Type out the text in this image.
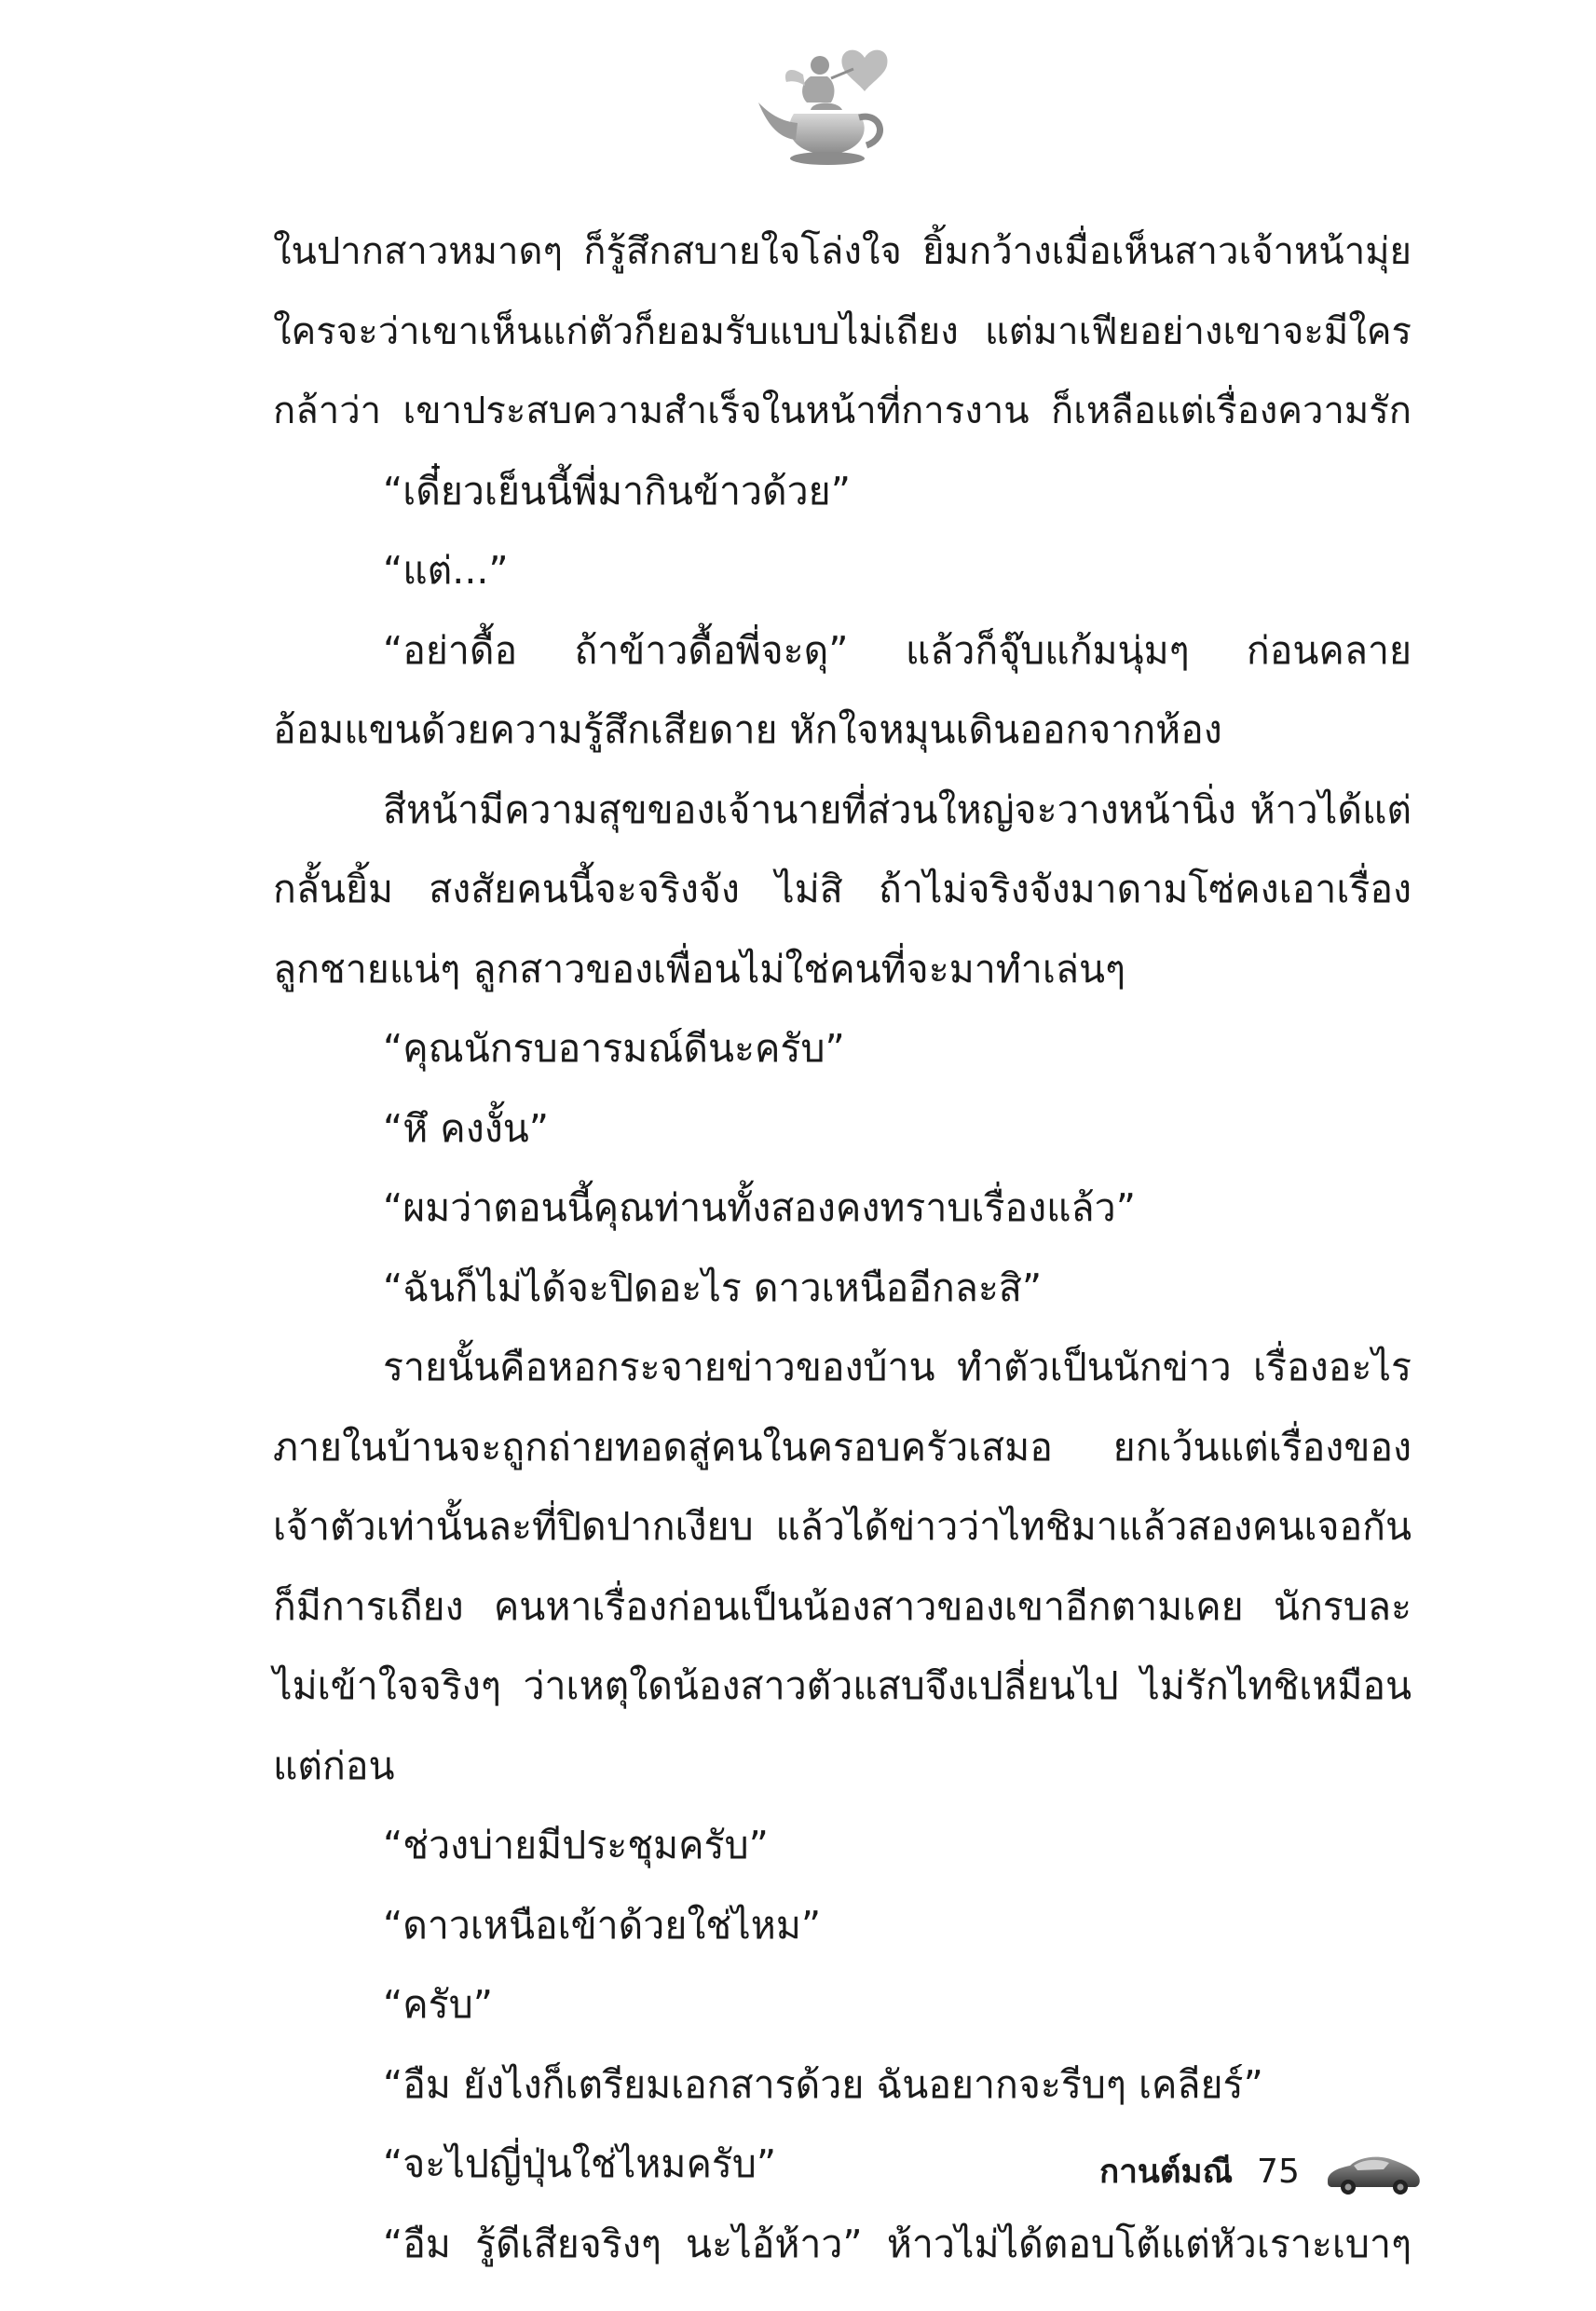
ในปากสาวหมาดๆ ก็รู้สึกสบายใจโล่งใจ ยิ้มกว้างเมื่อเห็นสาวเจ้าหน้ามุ่ย
ใครจะว่าเขาเห็นแก่ตัวก็ยอมรับแบบไม่เถียง แต่มาเฟียอย่างเขาจะมีใคร
กล้าว่า เขาประสบความสำเร็จในหน้าที่การงาน ก็เหลือแต่เรื่องความรัก
“เดี๋ยวเย็นนี้พี่มากินข้าวด้วย”
“แต่...”
“อย่าดื้อ ถ้าข้าวดื้อพี่จะดุ” แล้วก็จุ๊บแก้มนุ่มๆ ก่อนคลาย
อ้อมแขนด้วยความรู้สึกเสียดาย หักใจหมุนเดินออกจากห้อง
สีหน้ามีความสุขของเจ้านายที่ส่วนใหญ่จะวางหน้านิ่ง ห้าวได้แต่
กลั้นยิ้ม สงสัยคนนี้จะจริงจัง ไม่สิ ถ้าไม่จริงจังมาดามโซ่คงเอาเรื่อง
ลูกชายแน่ๆ ลูกสาวของเพื่อนไม่ใช่คนที่จะมาทำเล่นๆ
“คุณนักรบอารมณ์ดีนะครับ”
“หึ คงงั้น”
“ผมว่าตอนนี้คุณท่านทั้งสองคงทราบเรื่องแล้ว”
“ฉันก็ไม่ได้จะปิดอะไร ดาวเหนืออีกละสิ”
รายนั้นคือหอกระจายข่าวของบ้าน ทำตัวเป็นนักข่าว เรื่องอะไร
ภายในบ้านจะถูกถ่ายทอดสู่คนในครอบครัวเสมอ ยกเว้นแต่เรื่องของ
เจ้าตัวเท่านั้นละที่ปิดปากเงียบ แล้วได้ข่าวว่าไทชิมาแล้วสองคนเจอกัน
ก็มีการเถียง คนหาเรื่องก่อนเป็นน้องสาวของเขาอีกตามเคย นักรบละ
ไม่เข้าใจจริงๆ ว่าเหตุใดน้องสาวตัวแสบจึงเปลี่ยนไป ไม่รักไทชิเหมือน
แต่ก่อน
“ช่วงบ่ายมีประชุมครับ”
“ดาวเหนือเข้าด้วยใช่ไหม”
“ครับ”
“อืม ยังไงก็เตรียมเอกสารด้วย ฉันอยากจะรีบๆ เคลียร์”
“จะไปญี่ปุ่นใช่ไหมครับ”
“อืม รู้ดีเสียจริงๆ นะไอ้ห้าว” ห้าวไม่ได้ตอบโต้แต่หัวเราะเบาๆ
กานต์มณี 75
